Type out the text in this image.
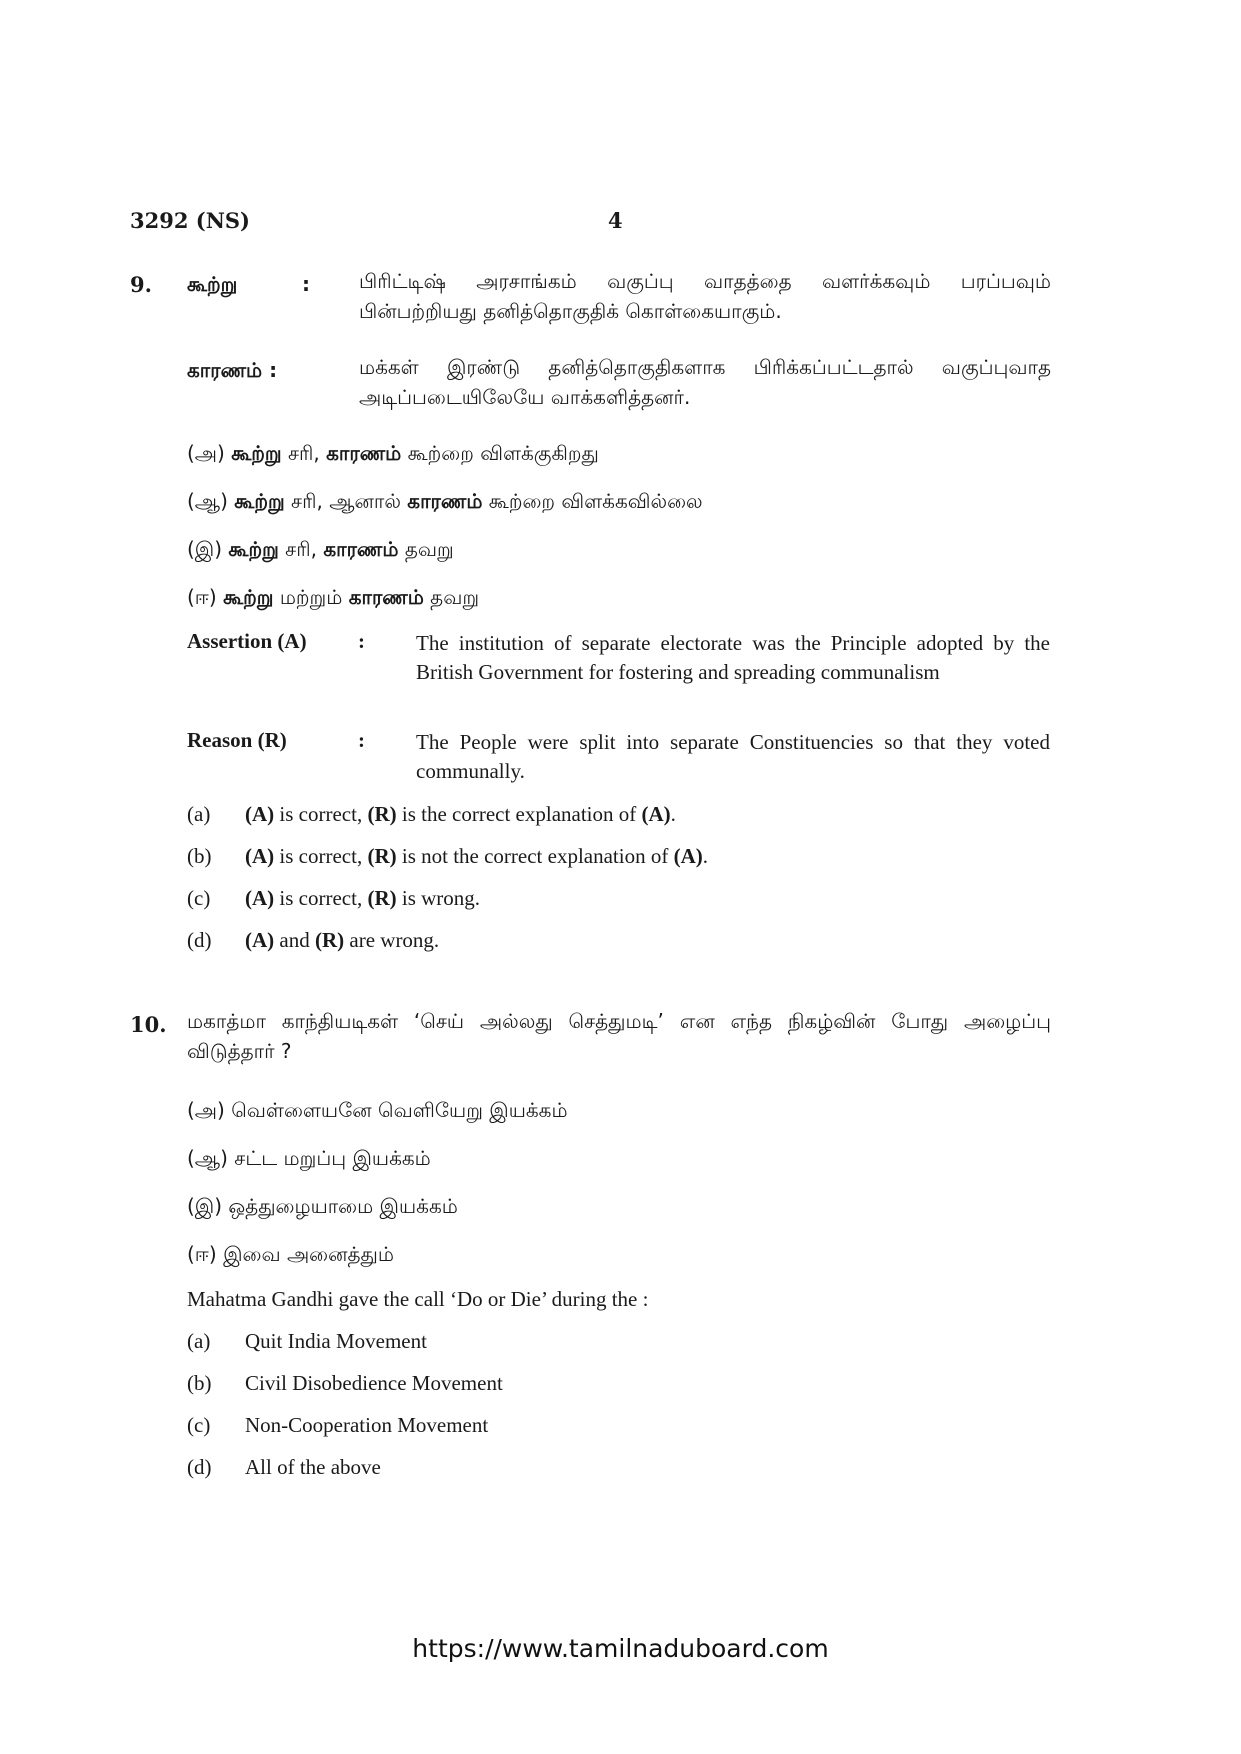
3292 (NS)	4
9. கூற்று	: பிரிட்டிஷ் அரசாங்கம் வகுப்பு வாதத்தை வளர்க்கவும் பரப்பவும் பின்பற்றியது தனித்தொகுதிக் கொள்கையாகும்.
காரணம் :	மக்கள் இரண்டு தனித்தொகுதிகளாக பிரிக்கப்பட்டதால் வகுப்புவாத அடிப்படையிலேயே வாக்களித்தனர்.
(அ) கூற்று சரி, காரணம் கூற்றை விளக்குகிறது
(ஆ) கூற்று சரி, ஆனால் காரணம் கூற்றை விளக்கவில்லை
(இ) கூற்று சரி, காரணம் தவறு
(ஈ) கூற்று மற்றும் காரணம் தவறு
Assertion (A) : The institution of separate electorate was the Principle adopted by the British Government for fostering and spreading communalism
Reason (R)	: The People were split into separate Constituencies so that they voted communally.
(a) (A) is correct, (R) is the correct explanation of (A).
(b) (A) is correct, (R) is not the correct explanation of (A).
(c) (A) is correct, (R) is wrong.
(d) (A) and (R) are wrong.
10. மகாத்மா காந்தியடிகள் ‘செய் அல்லது செத்துமடி’ என எந்த நிகழ்வின் போது அழைப்பு விடுத்தார் ?
(அ) வெள்ளையனே வெளியேறு இயக்கம்
(ஆ) சட்ட மறுப்பு இயக்கம்
(இ) ஒத்துழையாமை இயக்கம்
(ஈ) இவை அனைத்தும்
Mahatma Gandhi gave the call ‘Do or Die’ during the :
(a) Quit India Movement
(b) Civil Disobedience Movement
(c) Non-Cooperation Movement
(d) All of the above
https://www.tamilnaduboard.com
